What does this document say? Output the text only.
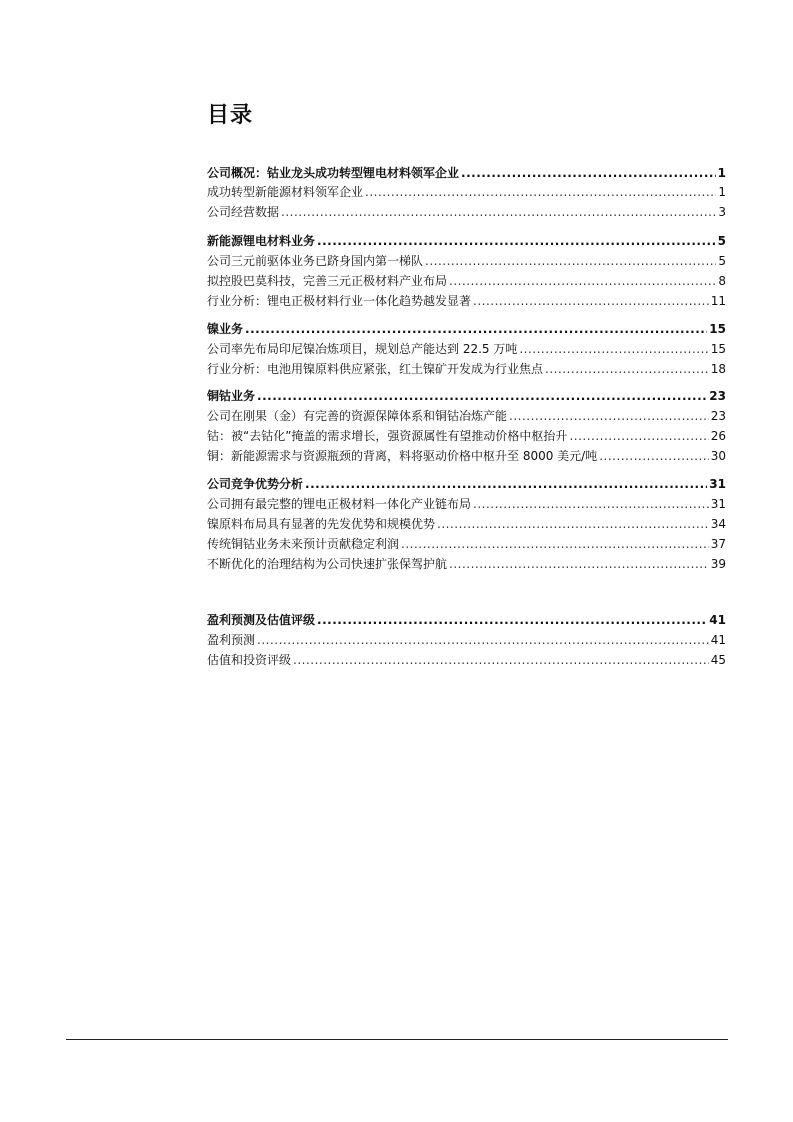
目录
公司概况：钴业龙头成功转型锂电材料领军企业 .....	1
成功转型新能源材料领军企业 .....	1
公司经营数据 .....	3
新能源锂电材料业务 .....	5
公司三元前驱体业务已跻身国内第一梯队 .....	5
拟控股巴莫科技，完善三元正极材料产业布局 .....	8
行业分析：锂电正极材料行业一体化趋势越发显著 .....	11
镍业务 .....	15
公司率先布局印尼镍冶炼项目，规划总产能达到 22.5 万吨 .....	15
行业分析：电池用镍原料供应紧张，红土镍矿开发成为行业焦点 .....	18
铜钴业务 .....	23
公司在刚果（金）有完善的资源保障体系和铜钴冶炼产能 .....	23
钴：被“去钴化”掩盖的需求增长，强资源属性有望推动价格中枢抬升 .....	26
铜：新能源需求与资源瓶颈的背离，料将驱动价格中枢升至 8000 美元/吨 .....	30
公司竞争优势分析 .....	31
公司拥有最完整的锂电正极材料一体化产业链布局 .....	31
镍原料布局具有显著的先发优势和规模优势 .....	34
传统铜钴业务未来预计贡献稳定利润 .....	37
不断优化的治理结构为公司快速扩张保驾护航 .....	39
盈利预测及估值评级 .....	41
盈利预测 .....	41
估值和投资评级 .....	45
